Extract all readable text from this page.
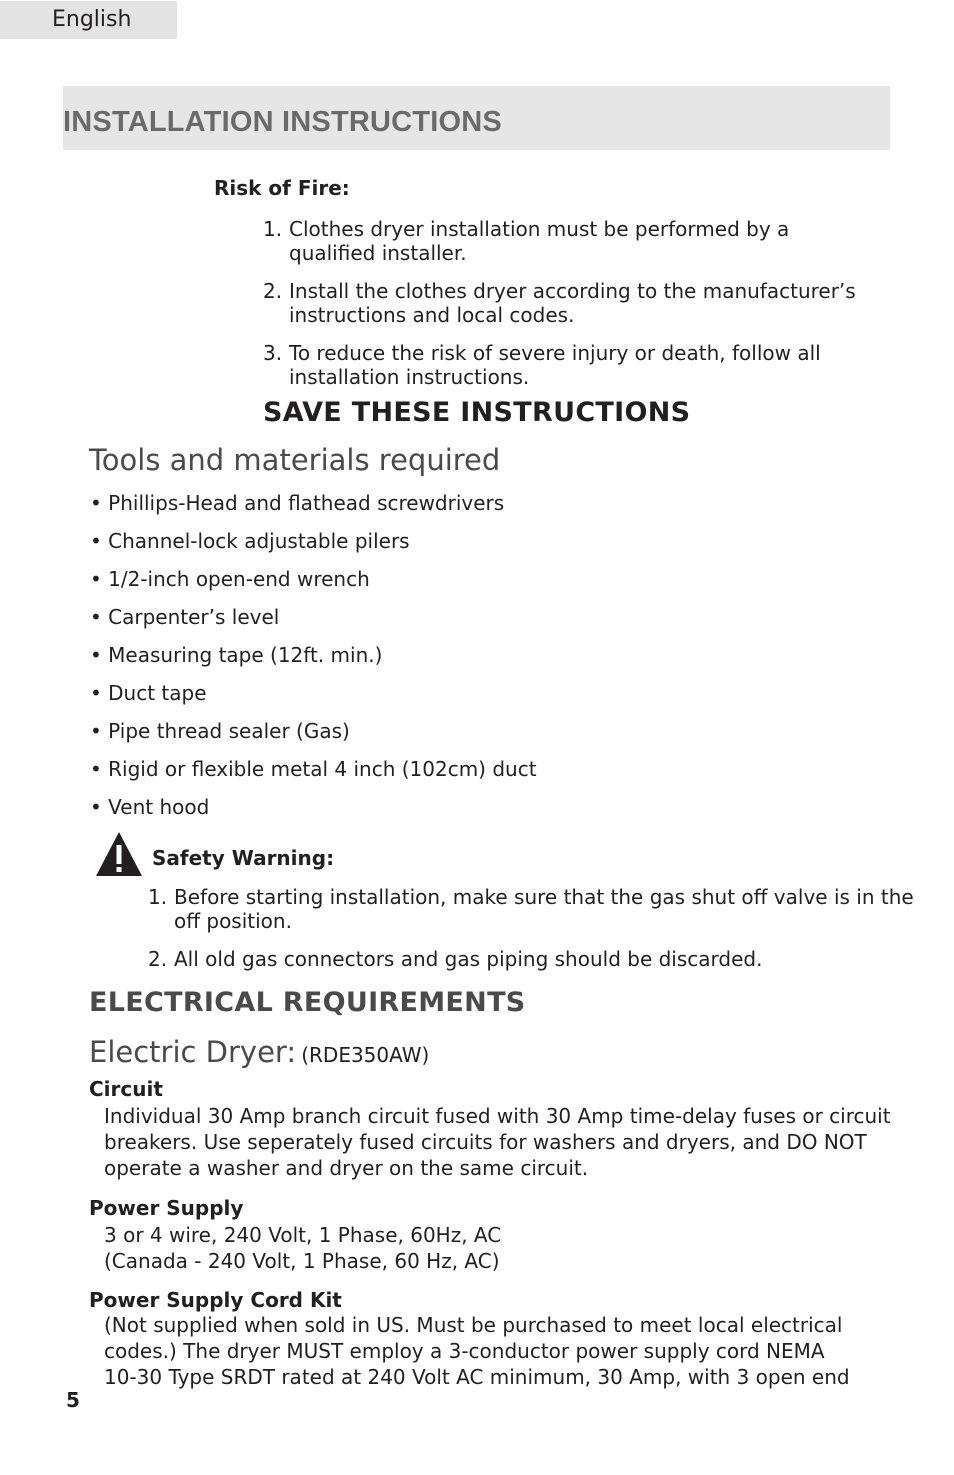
English
INSTALLATION INSTRUCTIONS
Risk of Fire:
1. Clothes dryer installation must be performed by a
qualified installer.
2. Install the clothes dryer according to the manufacturer’s
instructions and local codes.
3. To reduce the risk of severe injury or death, follow all
installation instructions.
SAVE THESE INSTRUCTIONS
Tools and materials required
• Phillips-Head and flathead screwdrivers
• Channel-lock adjustable pilers
• 1/2-inch open-end wrench
• Carpenter’s level
• Measuring tape (12ft. min.)
• Duct tape
• Pipe thread sealer (Gas)
• Rigid or flexible metal 4 inch (102cm) duct
• Vent hood
Safety Warning:
1. Before starting installation, make sure that the gas shut off valve is in the
off position.
2. All old gas connectors and gas piping should be discarded.
ELECTRICAL REQUIREMENTS
Electric Dryer: (RDE350AW)
Circuit
Individual 30 Amp branch circuit fused with 30 Amp time-delay fuses or circuit
breakers. Use seperately fused circuits for washers and dryers, and DO NOT
operate a washer and dryer on the same circuit.
Power Supply
3 or 4 wire, 240 Volt, 1 Phase, 60Hz, AC
(Canada - 240 Volt, 1 Phase, 60 Hz, AC)
Power Supply Cord Kit
(Not supplied when sold in US. Must be purchased to meet local electrical
codes.) The dryer MUST employ a 3-conductor power supply cord NEMA
10-30 Type SRDT rated at 240 Volt AC minimum, 30 Amp, with 3 open end
5
